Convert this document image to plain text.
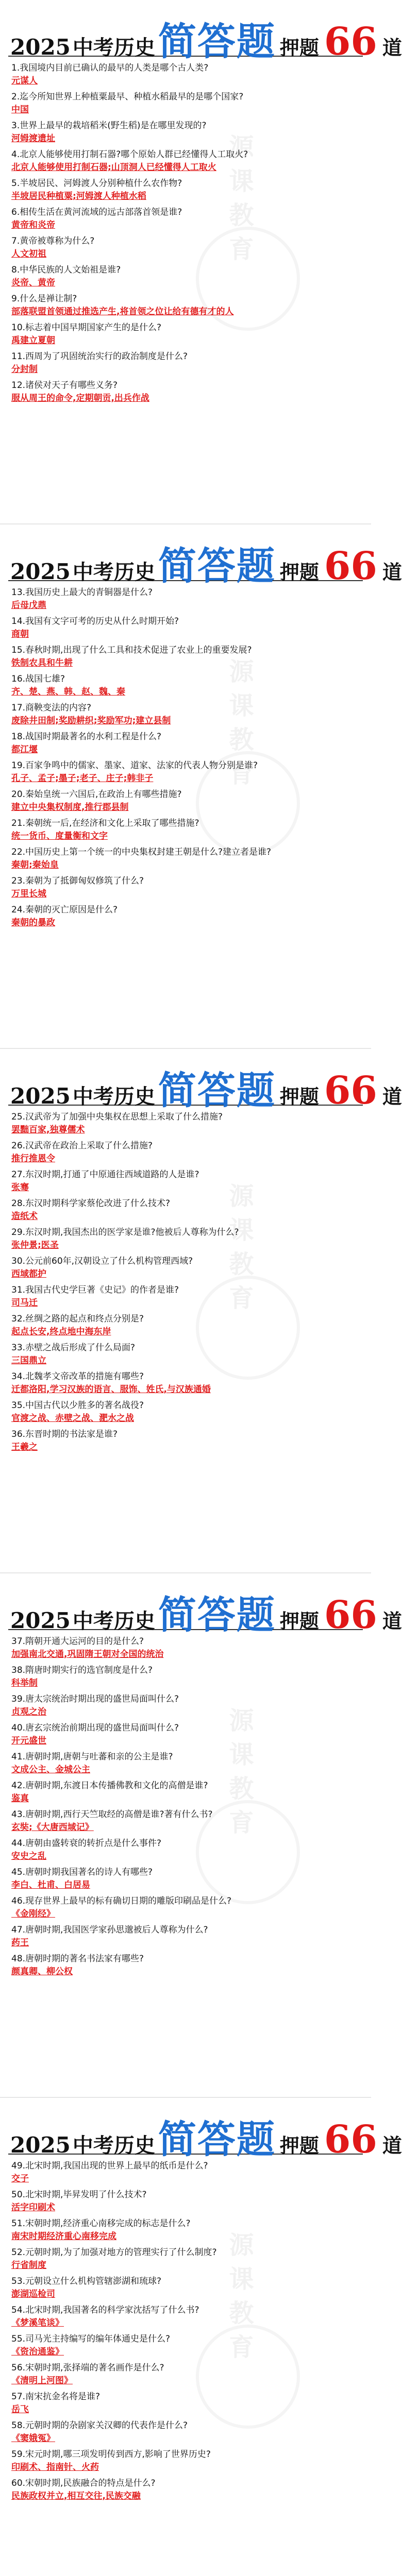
2025 中考历史 简答题 押题 66 道
1.我国境内目前已确认的最早的人类是哪个古人类?
元谋人
2.迄今所知世界上种植粟最早、种植水稻最早的是哪个国家?
中国
3.世界上最早的栽培稻米(野生稻)是在哪里发现的?
河姆渡遗址
4.北京人能够使用打制石器?哪个原始人群已经懂得人工取火?
北京人能够使用打制石器;山顶洞人已经懂得人工取火
5.半坡居民、河姆渡人分别种植什么农作物?
半坡居民种植粟;河姆渡人种植水稻
6.相传生活在黄河流域的远古部落首领是谁?
黄帝和炎帝
7.黄帝被尊称为什么?
人文初祖
8.中华民族的人文始祖是谁?
炎帝、黄帝
9.什么是禅让制?
部落联盟首领通过推选产生,将首领之位让给有德有才的人
10.标志着中国早期国家产生的是什么?
禹建立夏朝
11.西周为了巩固统治实行的政治制度是什么?
分封制
12.诸侯对天子有哪些义务?
服从周王的命令,定期朝贡,出兵作战
源课教育
2025 中考历史 简答题 押题 66 道
13.我国历史上最大的青铜器是什么?
后母戊鼎
14.我国有文字可考的历史从什么时期开始?
商朝
15.春秋时期,出现了什么工具和技术促进了农业上的重要发展?
铁制农具和牛耕
16.战国七雄?
齐、楚、燕、韩、赵、魏、秦
17.商鞅变法的内容?
废除井田制;奖励耕织;奖励军功;建立县制
18.战国时期最著名的水利工程是什么?
都江堰
19.百家争鸣中的儒家、墨家、道家、法家的代表人物分别是谁?
孔子、孟子;墨子;老子、庄子;韩非子
20.秦始皇统一六国后,在政治上有哪些措施?
建立中央集权制度,推行郡县制
21.秦朝统一后,在经济和文化上采取了哪些措施?
统一货币、度量衡和文字
22.中国历史上第一个统一的中央集权封建王朝是什么?建立者是谁?
秦朝;秦始皇
23.秦朝为了抵御匈奴修筑了什么?
万里长城
24.秦朝的灭亡原因是什么?
秦朝的暴政
源课教育
2025 中考历史 简答题 押题 66 道
25.汉武帝为了加强中央集权在思想上采取了什么措施?
罢黜百家,独尊儒术
26.汉武帝在政治上采取了什么措施?
推行推恩令
27.东汉时期,打通了中原通往西域道路的人是谁?
张骞
28.东汉时期科学家蔡伦改进了什么技术?
造纸术
29.东汉时期,我国杰出的医学家是谁?他被后人尊称为什么?
张仲景;医圣
30.公元前60年,汉朝设立了什么机构管理西域?
西域都护
31.我国古代史学巨著《史记》的作者是谁?
司马迁
32.丝绸之路的起点和终点分别是?
起点长安,终点地中海东岸
33.赤壁之战后形成了什么局面?
三国鼎立
34.北魏孝文帝改革的措施有哪些?
迁都洛阳,学习汉族的语言、服饰、姓氏,与汉族通婚
35.中国古代以少胜多的著名战役?
官渡之战、赤壁之战、淝水之战
36.东晋时期的书法家是谁?
王羲之
源课教育
2025 中考历史 简答题 押题 66 道
37.隋朝开通大运河的目的是什么?
加强南北交通,巩固隋王朝对全国的统治
38.隋唐时期实行的选官制度是什么?
科举制
39.唐太宗统治时期出现的盛世局面叫什么?
贞观之治
40.唐玄宗统治前期出现的盛世局面叫什么?
开元盛世
41.唐朝时期,唐朝与吐蕃和亲的公主是谁?
文成公主、金城公主
42.唐朝时期,东渡日本传播佛教和文化的高僧是谁?
鉴真
43.唐朝时期,西行天竺取经的高僧是谁?著有什么书?
玄奘;《大唐西域记》
44.唐朝由盛转衰的转折点是什么事件?
安史之乱
45.唐朝时期我国著名的诗人有哪些?
李白、杜甫、白居易
46.现存世界上最早的标有确切日期的雕版印刷品是什么?
《金刚经》
47.唐朝时期,我国医学家孙思邈被后人尊称为什么?
药王
48.唐朝时期的著名书法家有哪些?
颜真卿、柳公权
源课教育
2025 中考历史 简答题 押题 66 道
49.北宋时期,我国出现的世界上最早的纸币是什么?
交子
50.北宋时期,毕昇发明了什么技术?
活字印刷术
51.宋朝时期,经济重心南移完成的标志是什么?
南宋时期经济重心南移完成
52.元朝时期,为了加强对地方的管理实行了什么制度?
行省制度
53.元朝设立什么机构管辖澎湖和琉球?
澎湖巡检司
54.北宋时期,我国著名的科学家沈括写了什么书?
《梦溪笔谈》
55.司马光主持编写的编年体通史是什么?
《资治通鉴》
56.宋朝时期,张择端的著名画作是什么?
《清明上河图》
57.南宋抗金名将是谁?
岳飞
58.元朝时期的杂剧家关汉卿的代表作是什么?
《窦娥冤》
59.宋元时期,哪三项发明传到西方,影响了世界历史?
印刷术、指南针、火药
60.宋朝时期,民族融合的特点是什么?
民族政权并立,相互交往,民族交融
源课教育
